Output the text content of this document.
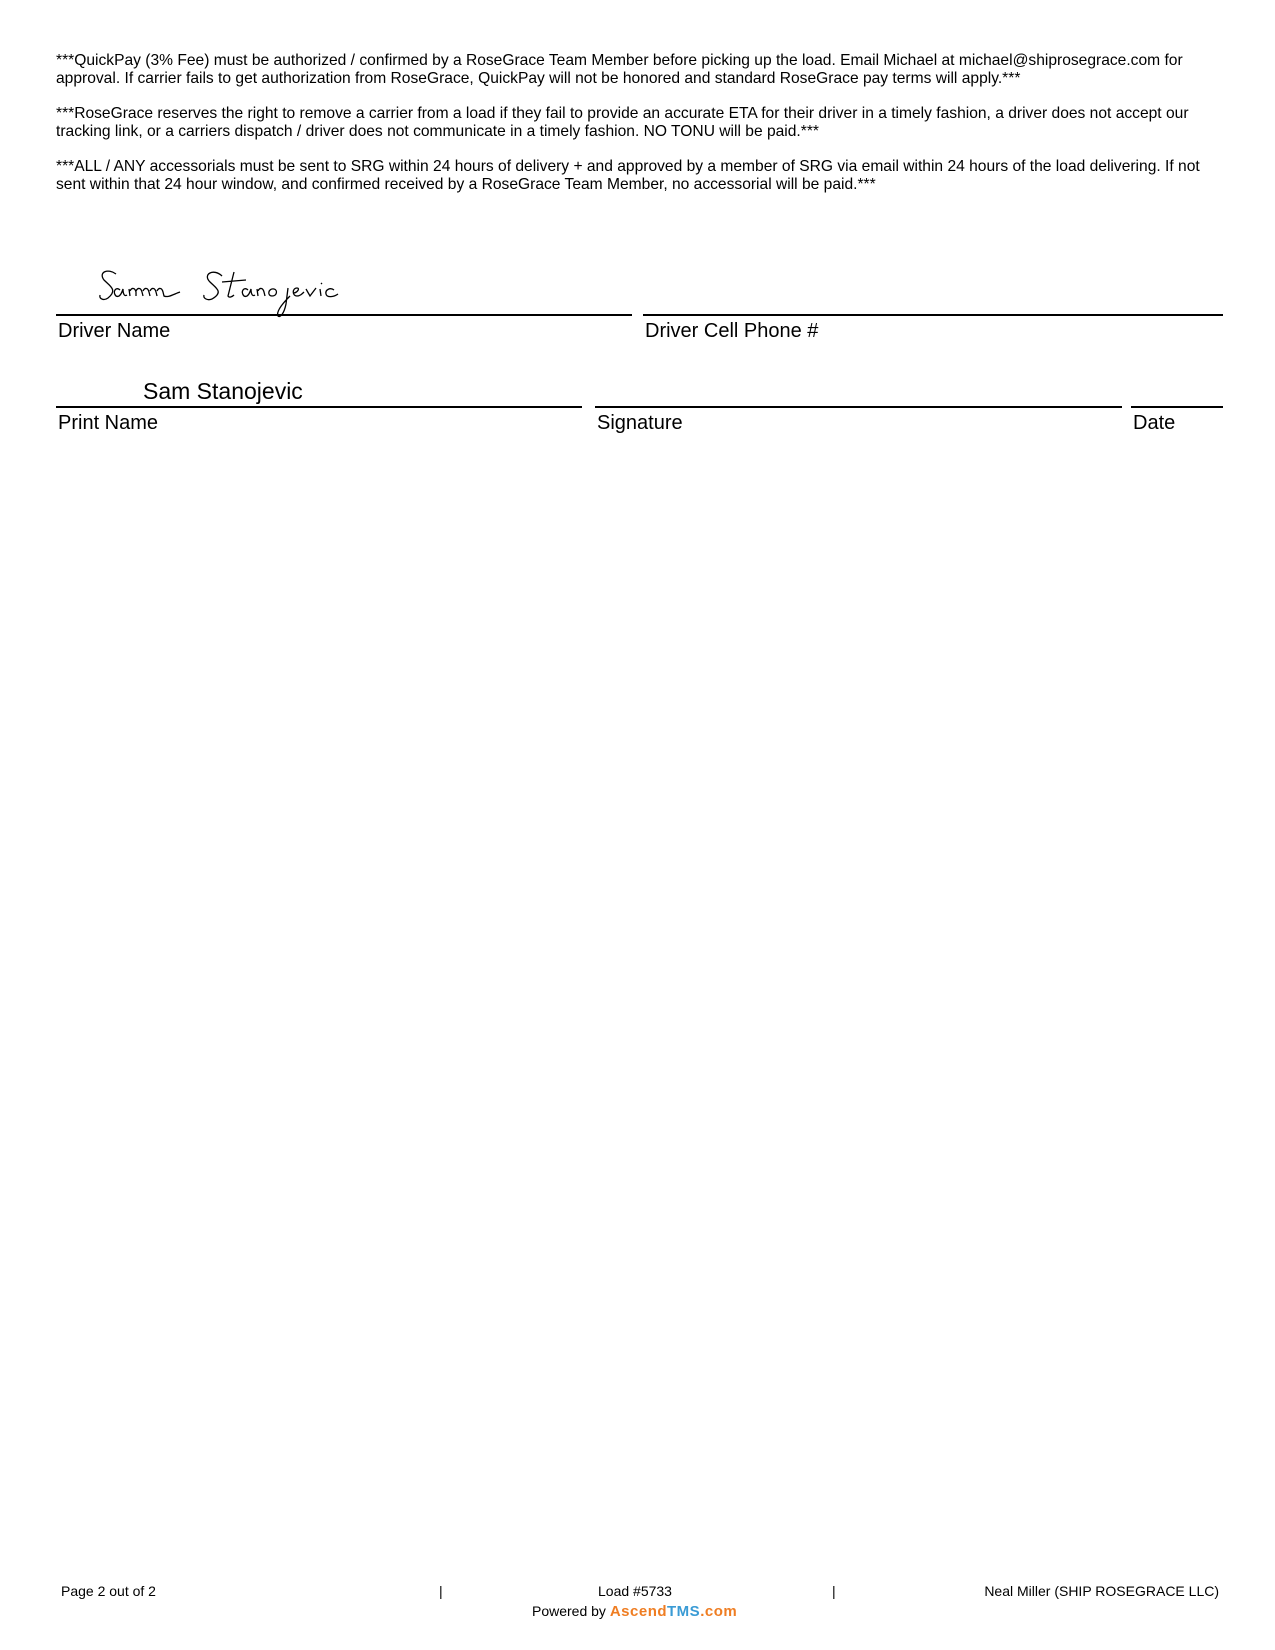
***QuickPay (3% Fee) must be authorized / confirmed by a RoseGrace Team Member before picking up the load. Email Michael at michael@shiprosegrace.com for approval. If carrier fails to get authorization from RoseGrace, QuickPay will not be honored and standard RoseGrace pay terms will apply.***

***RoseGrace reserves the right to remove a carrier from a load if they fail to provide an accurate ETA for their driver in a timely fashion, a driver does not accept our tracking link, or a carriers dispatch / driver does not communicate in a timely fashion. NO TONU will be paid.***

***ALL / ANY accessorials must be sent to SRG within 24 hours of delivery + and approved by a member of SRG via email within 24 hours of the load delivering. If not sent within that 24 hour window, and confirmed received by a RoseGrace Team Member, no accessorial will be paid.***

Driver Name	Driver Cell Phone #
Sam Stanojevic
Print Name	Signature	Date
Page 2 out of 2	|	Load #5733	|	Neal Miller (SHIP ROSEGRACE LLC)
Powered by AscendTMS.com
